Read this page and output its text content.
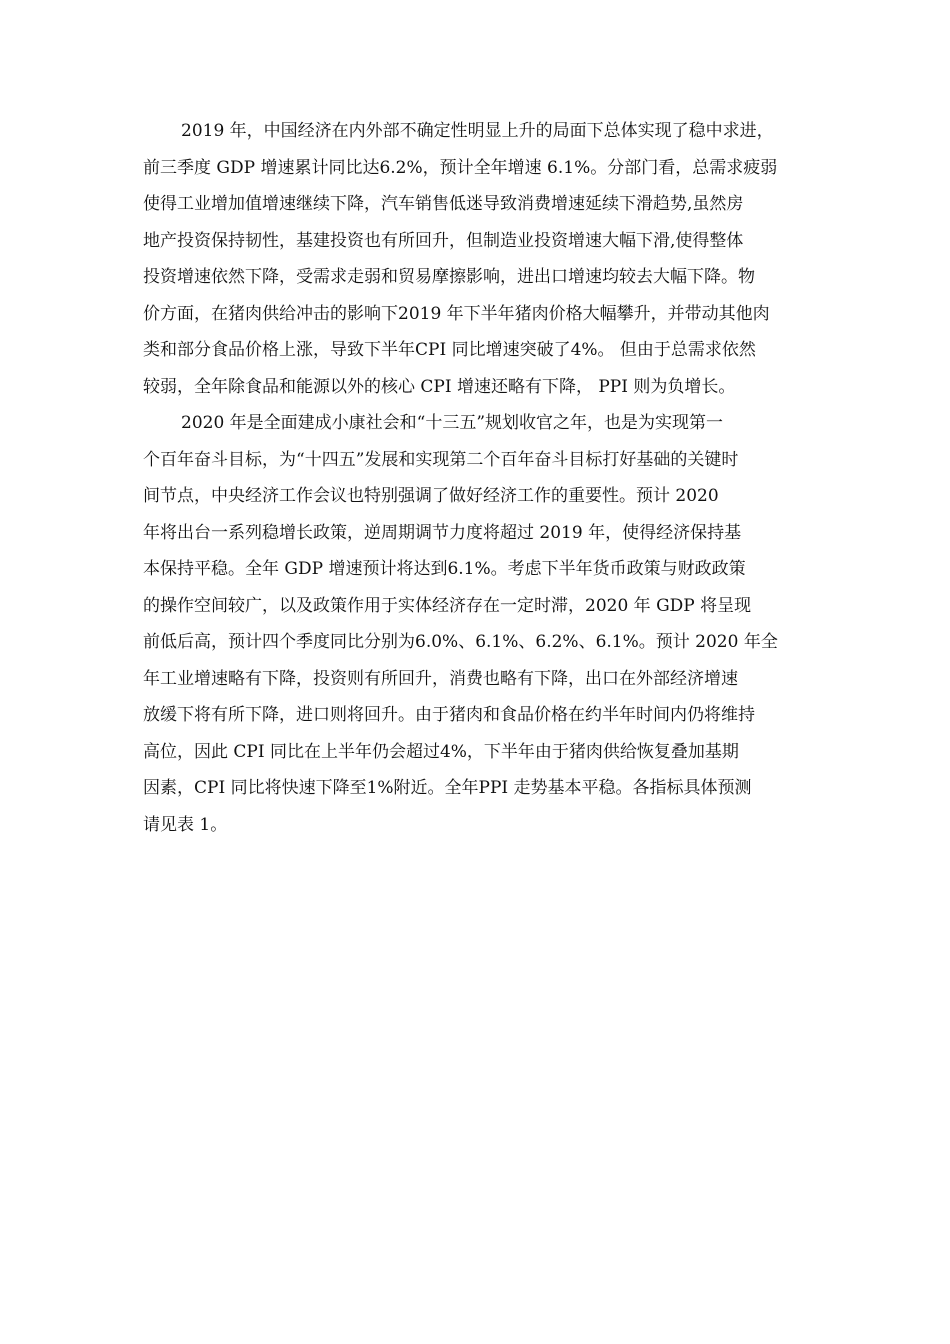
2019 年，中国经济在内外部不确定性明显上升的局面下总体实现了稳中求进，
前三季度 GDP 增速累计同比达6.2%，预计全年增速 6.1%。分部门看，总需求疲弱
使得工业增加值增速继续下降，汽车销售低迷导致消费增速延续下滑趋势,虽然房
地产投资保持韧性，基建投资也有所回升，但制造业投资增速大幅下滑,使得整体
投资增速依然下降，受需求走弱和贸易摩擦影响，进出口增速均较去大幅下降。物
价方面，在猪肉供给冲击的影响下2019 年下半年猪肉价格大幅攀升，并带动其他肉
类和部分食品价格上涨，导致下半年CPI 同比增速突破了4%。 但由于总需求依然
较弱，全年除食品和能源以外的核心 CPI 增速还略有下降， PPI 则为负增长。
2020 年是全面建成小康社会和“十三五”规划收官之年，也是为实现第一
个百年奋斗目标，为“十四五”发展和实现第二个百年奋斗目标打好基础的关键时
间节点，中央经济工作会议也特别强调了做好经济工作的重要性。预计 2020
年将出台一系列稳增长政策，逆周期调节力度将超过 2019 年，使得经济保持基
本保持平稳。全年 GDP 增速预计将达到6.1%。考虑下半年货币政策与财政政策
的操作空间较广，以及政策作用于实体经济存在一定时滞，2020 年 GDP 将呈现
前低后高，预计四个季度同比分别为6.0%、6.1%、6.2%、6.1%。预计 2020 年全
年工业增速略有下降，投资则有所回升，消费也略有下降，出口在外部经济增速
放缓下将有所下降，进口则将回升。由于猪肉和食品价格在约半年时间内仍将维持
高位，因此 CPI 同比在上半年仍会超过4%，下半年由于猪肉供给恢复叠加基期
因素，CPI 同比将快速下降至1%附近。全年PPI 走势基本平稳。各指标具体预测
请见表 1。
